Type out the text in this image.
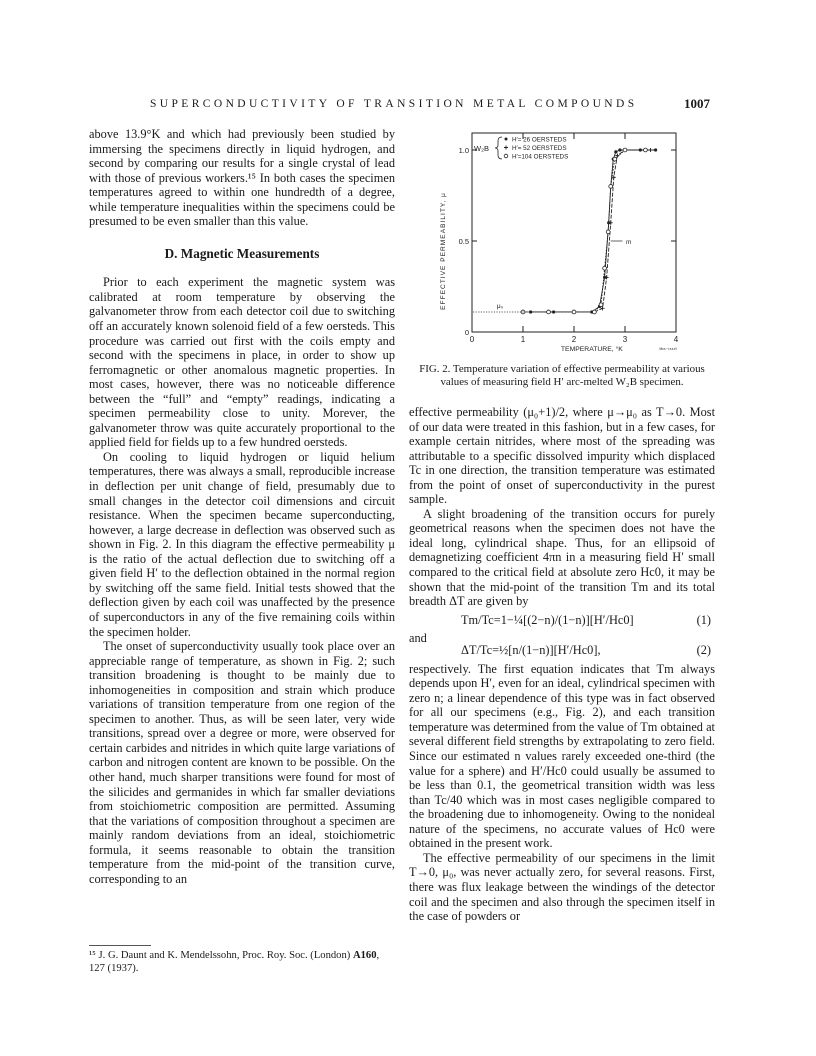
SUPERCONDUCTIVITY OF TRANSITION METAL COMPOUNDS	1007

above 13.9°K and which had previously been studied by immersing the specimens directly in liquid hydrogen, and second by comparing our results for a single crystal of lead with those of previous workers.¹⁵ In both cases the specimen temperatures agreed to within one hundredth of a degree, while temperature inequalities within the specimens could be presumed to be even smaller than this value.

D. Magnetic Measurements

Prior to each experiment the magnetic system was calibrated at room temperature by observing the galvanometer throw from each detector coil due to switching off an accurately known solenoid field of a few oersteds. This procedure was carried out first with the coils empty and second with the specimens in place, in order to show up ferromagnetic or other anomalous magnetic properties. In most cases, however, there was no noticeable difference between the “full” and “empty” readings, indicating a specimen permeability close to unity. Morever, the galvanometer throw was quite accurately proportional to the applied field for fields up to a few hundred oersteds.

On cooling to liquid hydrogen or liquid helium temperatures, there was always a small, reproducible increase in deflection per unit change of field, presumably due to small changes in the detector coil dimensions and circuit resistance. When the specimen became superconducting, however, a large decrease in deflection was observed such as shown in Fig. 2. In this diagram the effective permeability μ is the ratio of the actual deflection due to switching off a given field H′ to the deflection obtained in the normal region by switching off the same field. Initial tests showed that the deflection given by each coil was unaffected by the presence of superconductors in any of the five remaining coils within the specimen holder.

The onset of superconductivity usually took place over an appreciable range of temperature, as shown in Fig. 2; such transition broadening is thought to be mainly due to inhomogeneities in composition and strain which produce variations of transition temperature from one region of the specimen to another. Thus, as will be seen later, very wide transitions, spread over a degree or more, were observed for certain carbides and nitrides in which quite large variations of carbon and nitrogen content are known to be possible. On the other hand, much sharper transitions were found for most of the silicides and germanides in which far smaller deviations from stoichiometric composition are permitted. Assuming that the variations of composition throughout a specimen are mainly random deviations from an ideal, stoichiometric formula, it seems reasonable to obtain the transition temperature from the mid-point of the transition curve, corresponding to an

¹⁵ J. G. Daunt and K. Mendelssohn, Proc. Roy. Soc. (London) A160, 127 (1937).
0	1	2	3	4
0
0.5
1.0
EFFECTIVE PERMEABILITY, μ
TEMPERATURE, °K	ᴹ⁸⁸⁻¹⁵⁸⁴⁰
μ₀
m
W₂B
H′= 26 OERSTEDS
H′= 52 OERSTEDS
H′=104 OERSTEDS
FIG. 2. Temperature variation of effective permeability at various values of measuring field H′ arc-melted W₂B specimen.

effective permeability (μ₀+1)/2, where μ→μ₀ as T→0. Most of our data were treated in this fashion, but in a few cases, for example certain nitrides, where most of the spreading was attributable to a specific dissolved impurity which displaced Tc in one direction, the transition temperature was estimated from the point of onset of superconductivity in the purest sample.

A slight broadening of the transition occurs for purely geometrical reasons when the specimen does not have the ideal long, cylindrical shape. Thus, for an ellipsoid of demagnetizing coefficient 4πn in a measuring field H′ small compared to the critical field at absolute zero Hc0, it may be shown that the mid-point of the transition Tm and its total breadth ΔT are given by

Tm/Tc=1−¼[(2−n)/(1−n)][H′/Hc0]	(1)

and

ΔT/Tc=½[n/(1−n)][H′/Hc0],	(2)

respectively. The first equation indicates that Tm always depends upon H′, even for an ideal, cylindrical specimen with zero n; a linear dependence of this type was in fact observed for all our specimens (e.g., Fig. 2), and each transition temperature was determined from the value of Tm obtained at several different field strengths by extrapolating to zero field. Since our estimated n values rarely exceeded one-third (the value for a sphere) and H′/Hc0 could usually be assumed to be less than 0.1, the geometrical transition width was less than Tc/40 which was in most cases negligible compared to the broadening due to inhomogeneity. Owing to the nonideal nature of the specimens, no accurate values of Hc0 were obtained in the present work.

The effective permeability of our specimens in the limit T→0, μ₀, was never actually zero, for several reasons. First, there was flux leakage between the windings of the detector coil and the specimen and also through the specimen itself in the case of powders or
